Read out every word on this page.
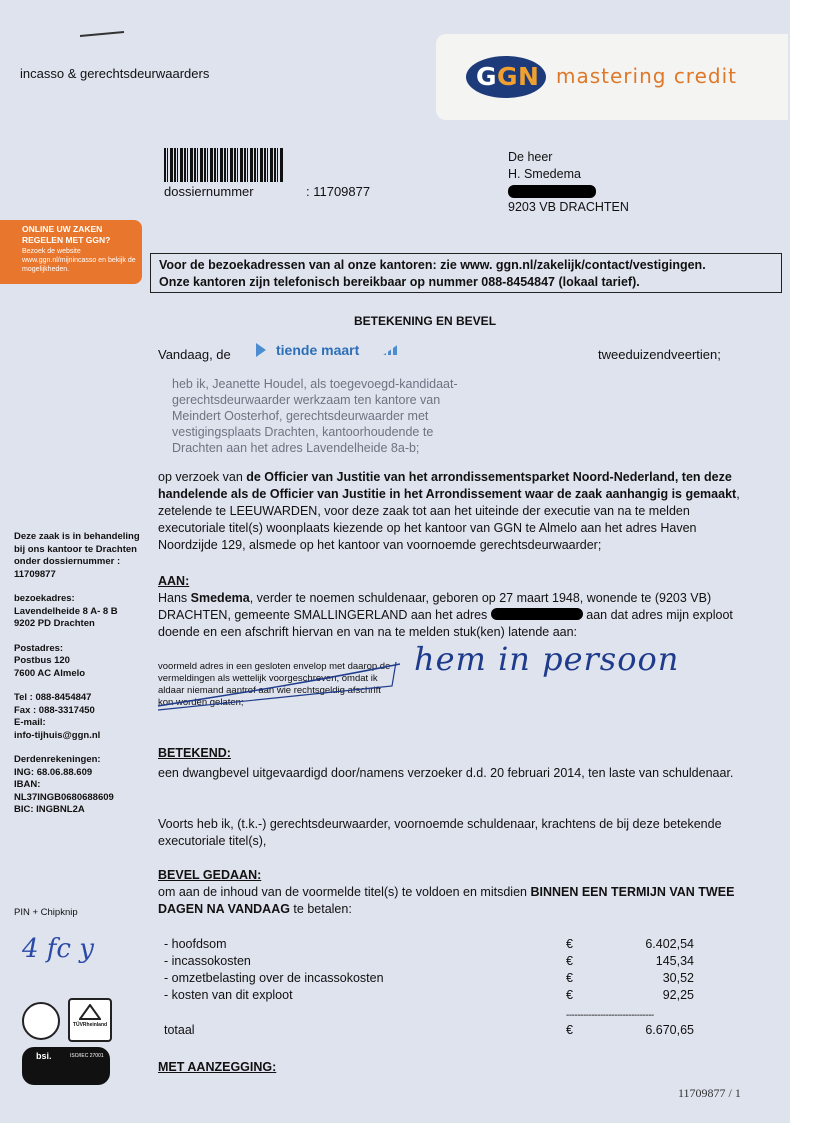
incasso & gerechtsdeurwaarders	GGN mastering credit
dossiernummer	: 11709877
De heer
H. Smedema
9203 VB DRACHTEN
ONLINE UW ZAKEN REGELEN MET GGN?
Bezoek de website www.ggn.nl/mijnincasso en bekijk de mogelijkheden.	Voor de bezoekadressen van al onze kantoren: zie www. ggn.nl/zakelijk/contact/vestigingen.
Onze kantoren zijn telefonisch bereikbaar op nummer 088-8454847 (lokaal tarief).
BETEKENING EN BEVEL
Vandaag, de	tiende maart	tweeduizendveertien;
heb ik, Jeanette Houdel, als toegevoegd-kandidaat-gerechtsdeurwaarder werkzaam ten kantore van Meindert Oosterhof, gerechtsdeurwaarder met vestigingsplaats Drachten, kantoorhoudende te Drachten aan het adres Lavendelheide 8a-b;
op verzoek van de Officier van Justitie van het arrondissementsparket Noord-Nederland, ten deze handelende als de Officier van Justitie in het Arrondissement waar de zaak aanhangig is gemaakt, zetelende te LEEUWARDEN, voor deze zaak tot aan het uiteinde der executie van na te melden executoriale titel(s) woonplaats kiezende op het kantoor van GGN te Almelo aan het adres Haven Noordzijde 129, alsmede op het kantoor van voornoemde gerechtsdeurwaarder;
Deze zaak is in behandeling bij ons kantoor te Drachten onder dossiernummer : 11709877
bezoekadres:
Lavendelheide 8 A- 8 B
9202 PD Drachten
Postadres:
Postbus 120
7600 AC Almelo
Tel : 088-8454847
Fax : 088-3317450
E-mail:
info-tijhuis@ggn.nl
Derdenrekeningen:
ING: 68.06.88.609
IBAN:
NL37INGB0680688609
BIC: INGBNL2A
PIN + Chipknip
4 fc y
TÜVRheinland
bsi.	ISO/IEC 27001
AAN:
Hans Smedema, verder te noemen schuldenaar, geboren op 27 maart 1948, wonende te (9203 VB) DRACHTEN, gemeente SMALLINGERLAND aan het adres	aan dat adres mijn exploot doende en een afschrift hiervan en van na te melden stuk(ken) latende aan:
voormeld adres in een gesloten envelop met daarop de vermeldingen als wettelijk voorgeschreven, omdat ik aldaar niemand aantrof aan wie rechtsgeldig afschrift kon worden gelaten;
hem in persoon
BETEKEND:
een dwangbevel uitgevaardigd door/namens verzoeker d.d. 20 februari 2014, ten laste van schuldenaar.
Voorts heb ik, (t.k.-) gerechtsdeurwaarder, voornoemde schuldenaar, krachtens de bij deze betekende executoriale titel(s),
BEVEL GEDAAN:
om aan de inhoud van de voormelde titel(s) te voldoen en mitsdien BINNEN EEN TERMIJN VAN TWEE DAGEN NA VANDAAG te betalen:
- hoofdsom	€	6.402,54
- incassokosten	€	145,34
- omzetbelasting over de incassokosten	€	30,52
- kosten van dit exploot	€	92,25
-------------------------------
totaal	€	6.670,65
MET AANZEGGING:
11709877 / 1
